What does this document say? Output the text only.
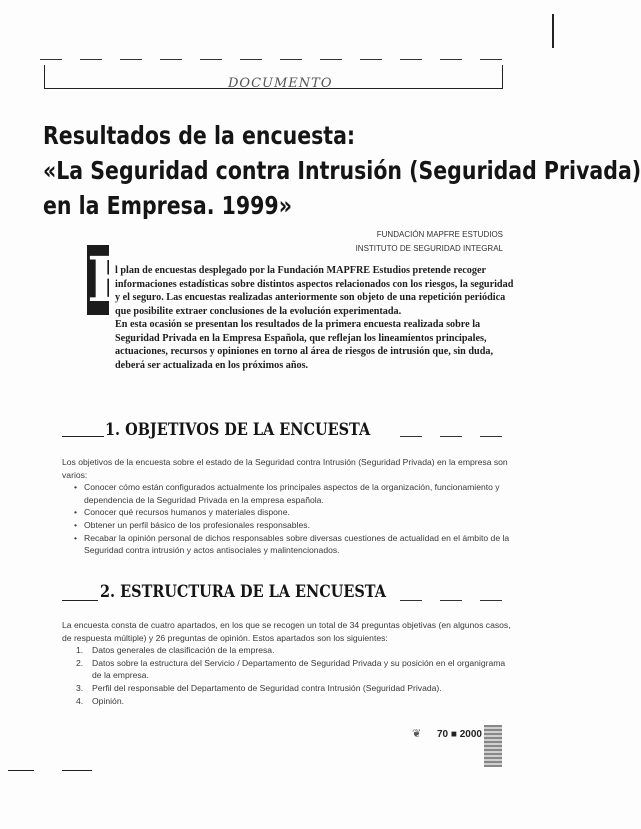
DOCUMENTO
Resultados de la encuesta:
«La Seguridad contra Intrusión (Seguridad Privada)
en la Empresa. 1999»
FUNDACIÓN MAPFRE ESTUDIOS
INSTITUTO DE SEGURIDAD INTEGRAL
E

l plan de encuestas desplegado por la Fundación MAPFRE Estudios pretende recoger informaciones estadísticas sobre distintos aspectos relacionados con los riesgos, la seguridad y el seguro. Las encuestas realizadas anteriormente son objeto de una repetición periódica que posibilite extraer conclusiones de la evolución experimentada.

En esta ocasión se presentan los resultados de la primera encuesta realizada sobre la Seguridad Privada en la Empresa Española, que reflejan los lineamientos principales, actuaciones, recursos y opiniones en torno al área de riesgos de intrusión que, sin duda, deberá ser actualizada en los próximos años.

1. OBJETIVOS DE LA ENCUESTA

Los objetivos de la encuesta sobre el estado de la Seguridad contra Intrusión (Seguridad Privada) en la empresa son varios:

• Conocer cómo están configurados actualmente los principales aspectos de la organización, funcionamiento y dependencia de la Seguridad Privada en la empresa española.
• Conocer qué recursos humanos y materiales dispone.
• Obtener un perfil básico de los profesionales responsables.
• Recabar la opinión personal de dichos responsables sobre diversas cuestiones de actualidad en el ámbito de la Seguridad contra intrusión y actos antisociales y malintencionados.
2. ESTRUCTURA DE LA ENCUESTA

La encuesta consta de cuatro apartados, en los que se recogen un total de 34 preguntas objetivas (en algunos casos, de respuesta múltiple) y 26 preguntas de opinión. Estos apartados son los siguientes:

1. Datos generales de clasificación de la empresa.
2. Datos sobre la estructura del Servicio / Departamento de Seguridad Privada y su posición en el organigrama de la empresa.
3. Perfil del responsable del Departamento de Seguridad contra Intrusión (Seguridad Privada).
4. Opinión.
❦ 70 ■ 2000
